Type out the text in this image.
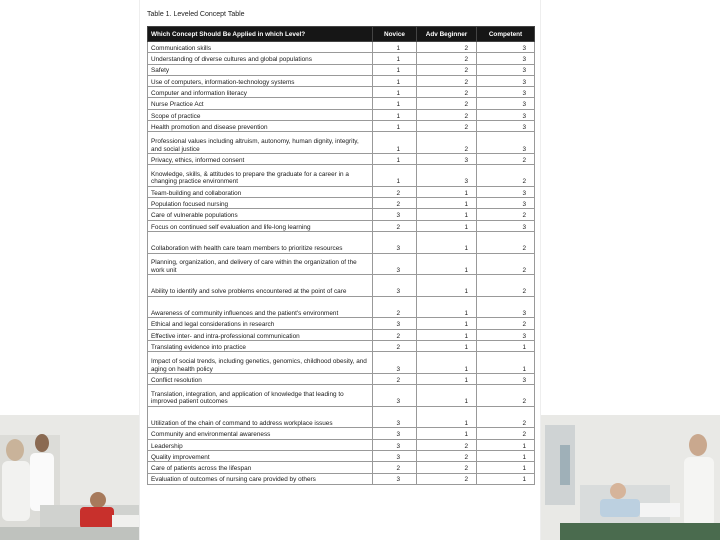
Table 1. Leveled Concept Table
Which Concept Should Be Applied in which Level?	Novice	Adv Beginner	Competent
Communication skills	1	2	3
Understanding of diverse cultures and global populations	1	2	3
Safety	1	2	3
Use of computers, information-technology systems	1	2	3
Computer and information literacy	1	2	3
Nurse Practice Act	1	2	3
Scope of practice	1	2	3
Health promotion and disease prevention	1	2	3
Professional values including altruism, autonomy, human dignity, integrity, and social justice	1	2	3
Privacy, ethics, informed consent	1	3	2
Knowledge, skills, & attitudes to prepare the graduate for a career in a changing practice environment	1	3	2
Team-building and collaboration	2	1	3
Population focused nursing	2	1	3
Care of vulnerable populations	3	1	2
Focus on continued self evaluation and life-long learning	2	1	3
Collaboration with health care team members to prioritize resources	3	1	2
Planning, organization, and delivery of care within the organization of the work unit	3	1	2
Ability to identify and solve problems encountered at the point of care	3	1	2
Awareness of community influences and the patient's environment	2	1	3
Ethical and legal considerations in research	3	1	2
Effective inter- and intra-professional communication	2	1	3
Translating evidence into practice	2	1	1
Impact of social trends, including genetics, genomics, childhood obesity, and aging on health policy	3	1	1
Conflict resolution	2	1	3
Translation, integration, and application of knowledge that leading to improved patient outcomes	3	1	2
Utilization of the chain of command to address workplace issues	3	1	2
Community and environmental awareness	3	1	2
Leadership	3	2	1
Quality improvement	3	2	1
Care of patients across the lifespan	2	2	1
Evaluation of outcomes of nursing care provided by others	3	2	1
